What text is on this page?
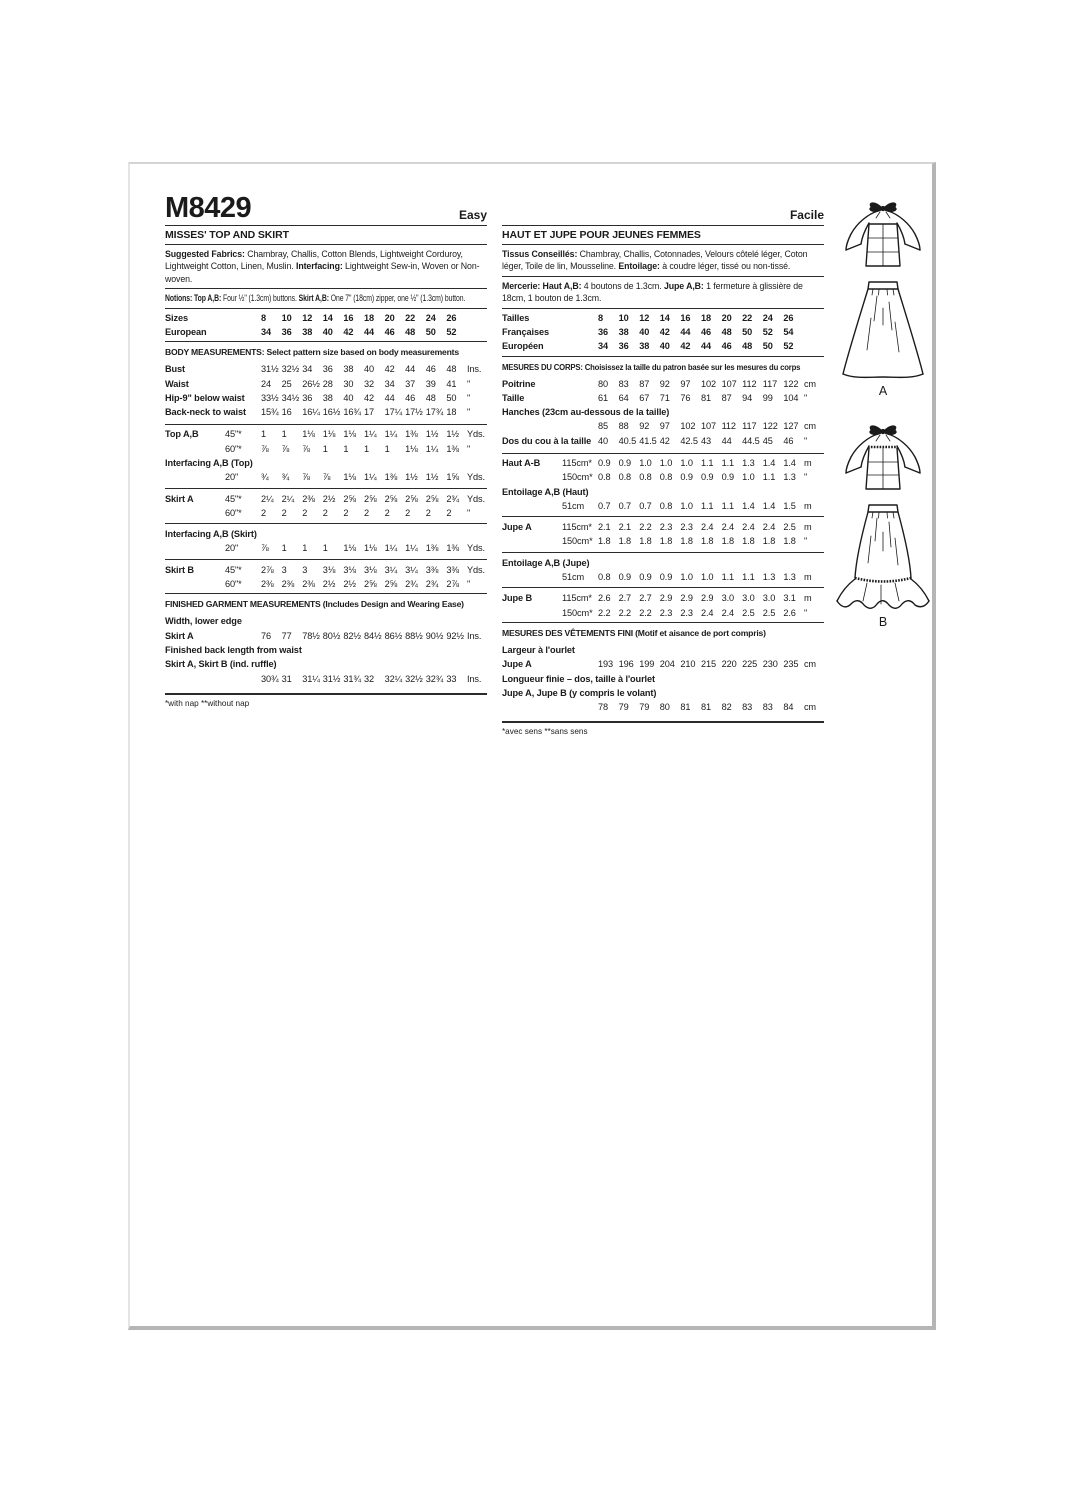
M8429	Easy
MISSES' TOP AND SKIRT
Suggested Fabrics: Chambray, Challis, Cotton Blends, Lightweight Corduroy, Lightweight Cotton, Linen, Muslin. Interfacing: Lightweight Sew-in, Woven or Non-woven.
Notions: Top A,B: Four ½" (1.3cm) buttons. Skirt A,B: One 7" (18cm) zipper, one ½" (1.3cm) button.
Sizes	8	10	12	14	16	18	20	22	24	26
European	34	36	38	40	42	44	46	48	50	52
BODY MEASUREMENTS: Select pattern size based on body measurements
Bust	31½ 32½ 34	36	38	40	42	44	46	48	Ins.
Waist	24	25	26½ 28	30	32	34	37	39	41	"
Hip-9" below waist	33½ 34½ 36	38	40	42	44	46	48	50	"
Back-neck to waist	15¾ 16	16¼ 16½ 16¾ 17	17¼ 17½ 17¾ 18	"
Top A,B	45"*	1	1	1⅛ 1⅛ 1⅛ 1¼ 1¼ 1⅜ 1½ 1½ Yds.
60"*	⅞	⅞	⅞	1	1	1	1	1⅛ 1¼ 1⅜ "
Interfacing A,B (Top)
20"	¾	¾	⅞	⅞	1⅛ 1¼ 1⅜ 1½ 1½ 1⅝ Yds.
Skirt A	45"*	2¼ 2¼ 2⅜ 2½ 2⅝ 2⅝ 2⅝ 2⅝ 2⅝ 2¾ Yds.
60"*	2	2	2	2	2	2	2	2	2	2	"
Interfacing A,B (Skirt)
20"	⅞	1	1	1	1⅛ 1⅛ 1¼ 1¼ 1⅜ 1⅜ Yds.
Skirt B	45"*	2⅞ 3	3	3⅛ 3⅛ 3⅛ 3¼ 3¼ 3⅜ 3⅜ Yds.
60"*	2⅜ 2⅜ 2⅜ 2½ 2½ 2⅝ 2⅝ 2¾ 2¾ 2⅞ "
FINISHED GARMENT MEASUREMENTS (Includes Design and Wearing Ease)
Width, lower edge
Skirt A	76	77	78½ 80½ 82½ 84½ 86½ 88½ 90½ 92½ Ins.
Finished back length from waist
Skirt A, Skirt B (ind. ruffle)
30¾ 31	31¼ 31½ 31¾ 32	32¼ 32½ 32¾ 33	Ins.
*with nap **without nap
Facile
HAUT ET JUPE POUR JEUNES FEMMES
Tissus Conseillés: Chambray, Challis, Cotonnades, Velours côtelé léger, Coton léger, Toile de lin, Mousseline. Entoilage: à coudre léger, tissé ou non-tissé.
Mercerie: Haut A,B: 4 boutons de 1.3cm. Jupe A,B: 1 fermeture à glissière de 18cm, 1 bouton de 1.3cm.
Tailles	8	10	12	14	16	18	20	22	24	26
Françaises	36	38	40	42	44	46	48	50	52	54
Européen	34	36	38	40	42	44	46	48	50	52
MESURES DU CORPS: Choisissez la taille du patron basée sur les mesures du corps
Poitrine	80	83	87	92	97	102 107 112 117 122 cm
Taille	61	64	67	71	76	81	87	94	99	104 "
Hanches (23cm au-dessous de la taille)
85	88	92	97	102 107 112 117 122 127 cm
Dos du cou à la taille 40	40.5 41.5 42	42.5 43	44	44.5 45	46	"
Haut A-B	115cm* 0.9 0.9 1.0 1.0 1.0 1.1 1.1 1.3 1.4 1.4 m
150cm* 0.8 0.8 0.8 0.8 0.9 0.9 0.9 1.0 1.1 1.3 "
Entoilage A,B (Haut)
51cm	0.7 0.7 0.7 0.8 1.0 1.1 1.1 1.4 1.4 1.5 m
Jupe A	115cm* 2.1 2.1 2.2 2.3 2.3 2.4 2.4 2.4 2.4 2.5 m
150cm* 1.8 1.8 1.8 1.8 1.8 1.8 1.8 1.8 1.8 1.8 "
Entoilage A,B (Jupe)
51cm	0.8 0.9 0.9 0.9 1.0 1.0 1.1 1.1 1.3 1.3 m
Jupe B	115cm* 2.6 2.7 2.7 2.9 2.9 2.9 3.0 3.0 3.0 3.1 m
150cm* 2.2 2.2 2.2 2.3 2.3 2.4 2.4 2.5 2.5 2.6 "
MESURES DES VÊTEMENTS FINI (Motif et aisance de port compris)
Largeur à l'ourlet
Jupe A	193 196 199 204 210 215 220 225 230 235 cm
Longueur finie – dos, taille à l'ourlet
Jupe A, Jupe B (y compris le volant)
78	79	79	80	81	81	82	83	83	84	cm
*avec sens **sans sens
A
B
